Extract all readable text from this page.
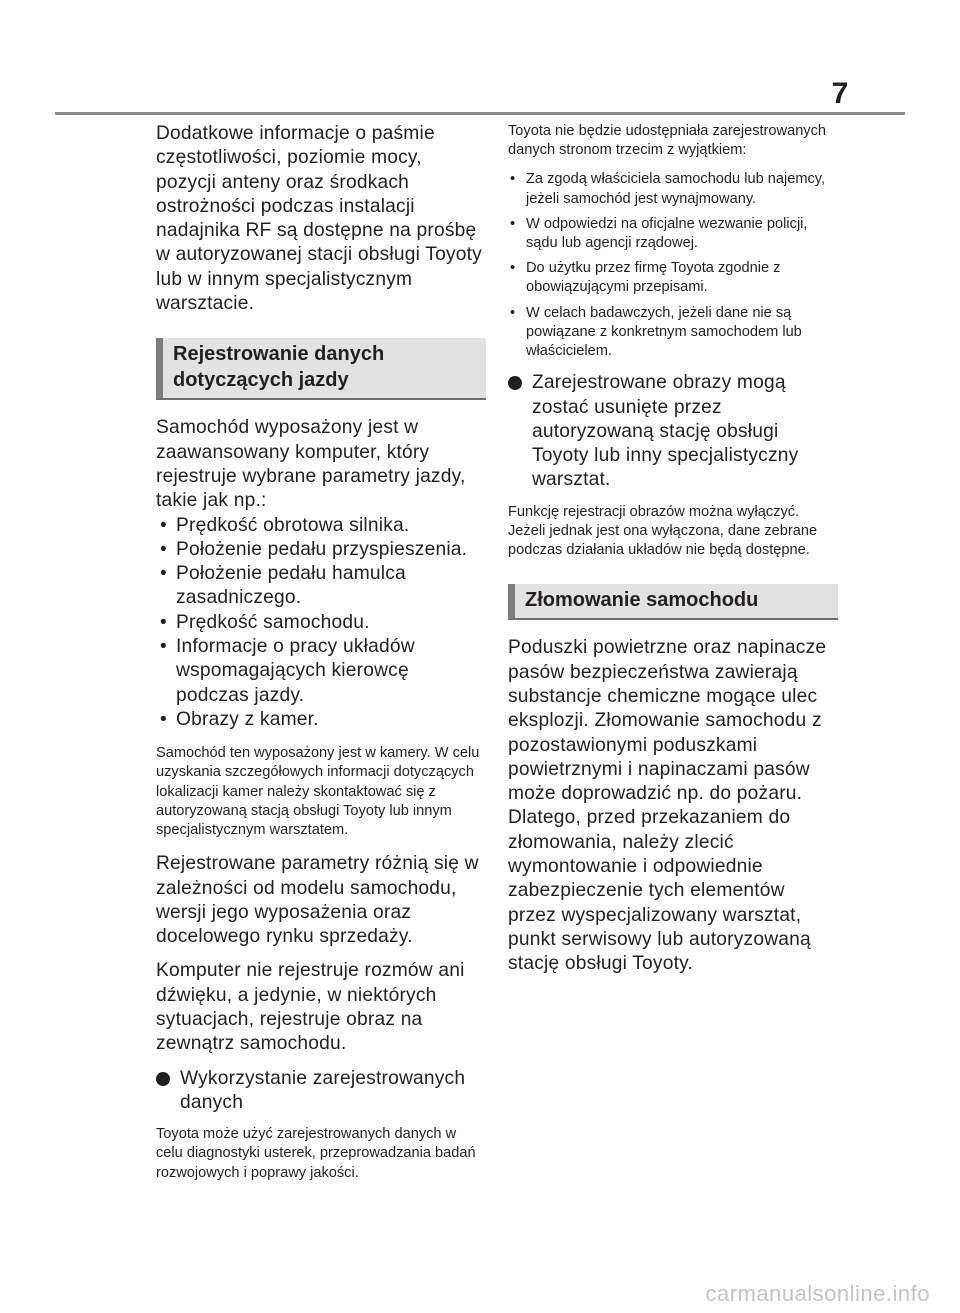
7

Dodatkowe informacje o paśmie częstotliwości, poziomie mocy, pozycji anteny oraz środkach ostrożności podczas instalacji nadajnika RF są dostępne na prośbę w autoryzowanej stacji obsługi Toyoty lub w innym specjalistycznym warsztacie.

Rejestrowanie danych dotyczących jazdy

Samochód wyposażony jest w zaawansowany komputer, który rejestruje wybrane parametry jazdy, takie jak np.:

• Prędkość obrotowa silnika.
• Położenie pedału przyspieszenia.
• Położenie pedału hamulca zasadniczego.
• Prędkość samochodu.
• Informacje o pracy układów wspomagających kierowcę podczas jazdy.
• Obrazy z kamer.

Samochód ten wyposażony jest w kamery. W celu uzyskania szczegółowych informacji dotyczących lokalizacji kamer należy skontaktować się z autoryzowaną stacją obsługi Toyoty lub innym specjalistycznym warsztatem.

Rejestrowane parametry różnią się w zależności od modelu samochodu, wersji jego wyposażenia oraz docelowego rynku sprzedaży.

Komputer nie rejestruje rozmów ani dźwięku, a jedynie, w niektórych sytuacjach, rejestruje obraz na zewnątrz samochodu.

Wykorzystanie zarejestrowanych danych

Toyota może użyć zarejestrowanych danych w celu diagnostyki usterek, przeprowadzania badań rozwojowych i poprawy jakości.

Toyota nie będzie udostępniała zarejestrowanych danych stronom trzecim z wyjątkiem:

• Za zgodą właściciela samochodu lub najemcy, jeżeli samochód jest wynajmowany.
• W odpowiedzi na oficjalne wezwanie policji, sądu lub agencji rządowej.
• Do użytku przez firmę Toyota zgodnie z obowiązującymi przepisami.
• W celach badawczych, jeżeli dane nie są powiązane z konkretnym samochodem lub właścicielem.
Zarejestrowane obrazy mogą zostać usunięte przez autoryzowaną stację obsługi Toyoty lub inny specjalistyczny warsztat.

Funkcję rejestracji obrazów można wyłączyć. Jeżeli jednak jest ona wyłączona, dane zebrane podczas działania układów nie będą dostępne.

Złomowanie samochodu

Poduszki powietrzne oraz napinacze pasów bezpieczeństwa zawierają substancje chemiczne mogące ulec eksplozji. Złomowanie samochodu z pozostawionymi poduszkami powietrznymi i napinaczami pasów może doprowadzić np. do pożaru. Dlatego, przed przekazaniem do złomowania, należy zlecić wymontowanie i odpowiednie zabezpieczenie tych elementów przez wyspecjalizowany warsztat, punkt serwisowy lub autoryzowaną stację obsługi Toyoty.

carmanualsonline.info
